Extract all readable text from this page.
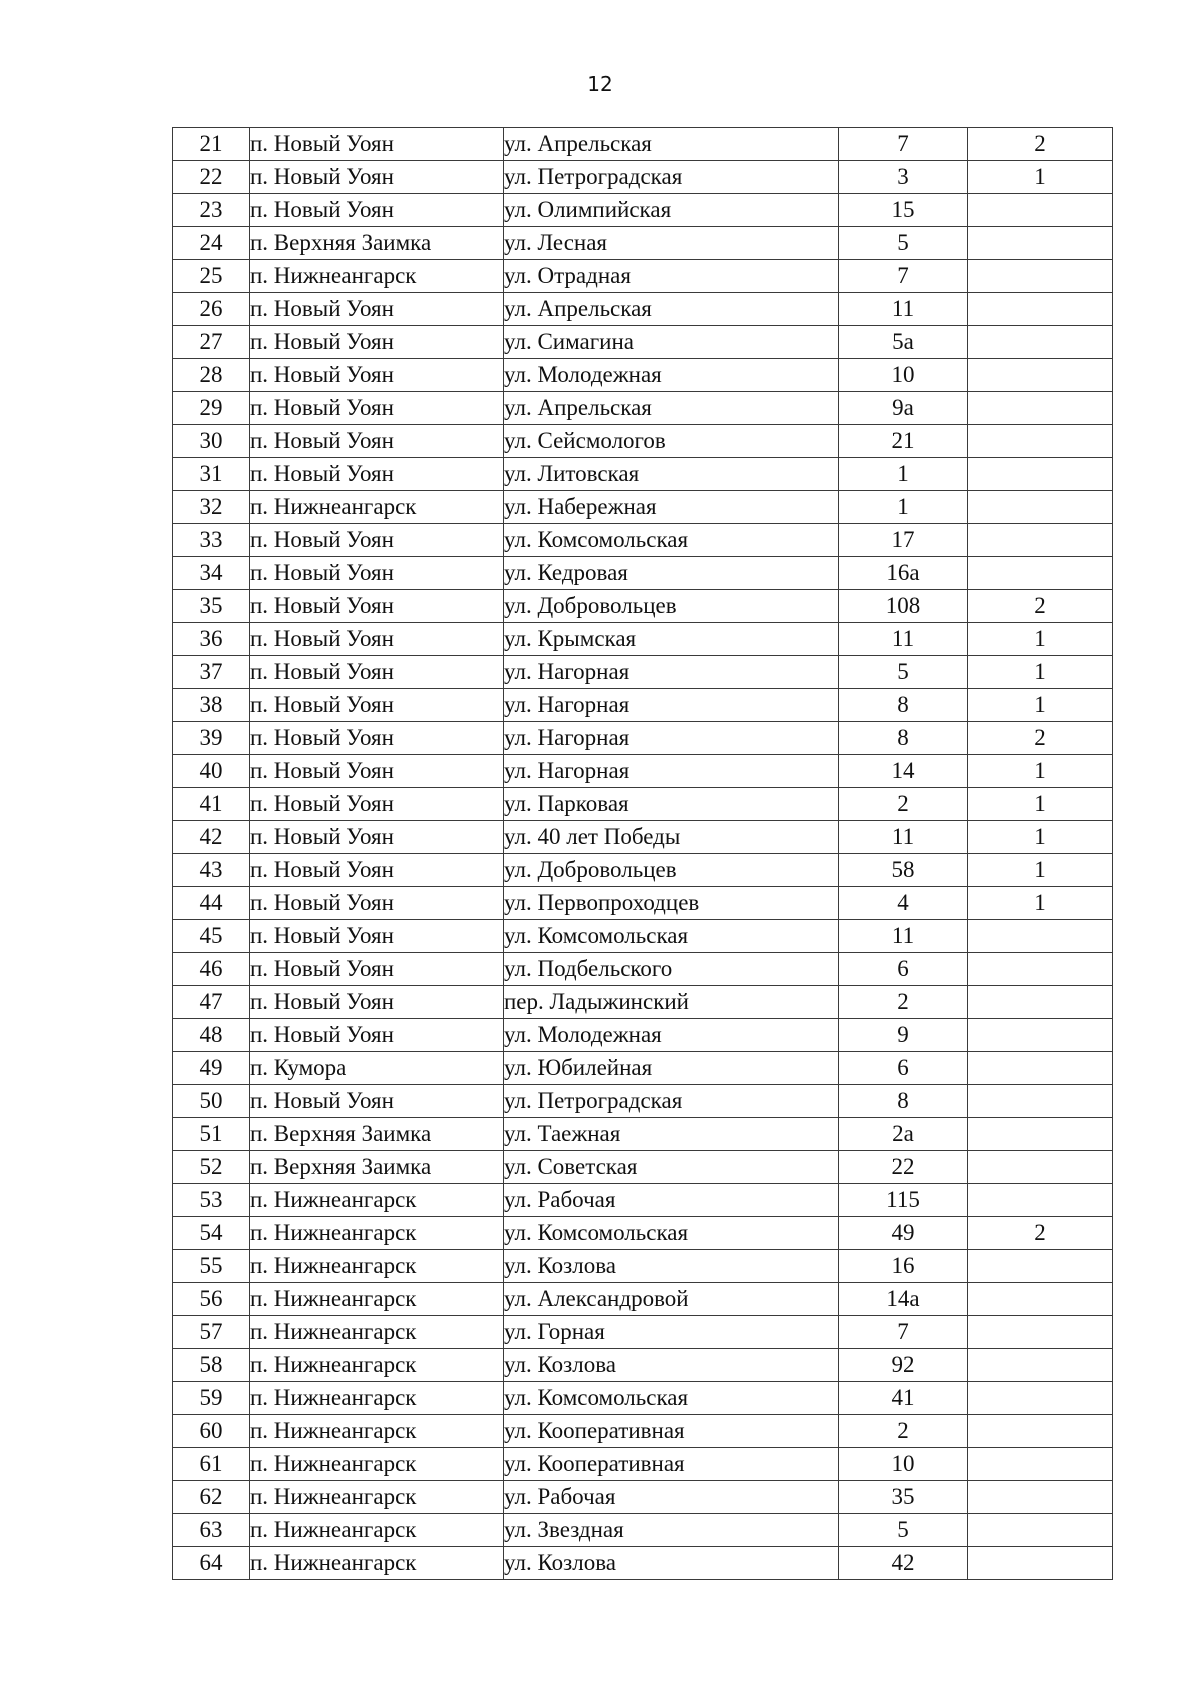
12
21	п. Новый Уоян	ул. Апрельская	7	2
22	п. Новый Уоян	ул. Петроградская	3	1
23	п. Новый Уоян	ул. Олимпийская	15	
24	п. Верхняя Заимка	ул. Лесная	5	
25	п. Нижнеангарск	ул. Отрадная	7	
26	п. Новый Уоян	ул. Апрельская	11	
27	п. Новый Уоян	ул. Симагина	5а	
28	п. Новый Уоян	ул. Молодежная	10	
29	п. Новый Уоян	ул. Апрельская	9а	
30	п. Новый Уоян	ул. Сейсмологов	21	
31	п. Новый Уоян	ул. Литовская	1	
32	п. Нижнеангарск	ул. Набережная	1	
33	п. Новый Уоян	ул. Комсомольская	17	
34	п. Новый Уоян	ул. Кедровая	16а	
35	п. Новый Уоян	ул. Добровольцев	108	2
36	п. Новый Уоян	ул. Крымская	11	1
37	п. Новый Уоян	ул. Нагорная	5	1
38	п. Новый Уоян	ул. Нагорная	8	1
39	п. Новый Уоян	ул. Нагорная	8	2
40	п. Новый Уоян	ул. Нагорная	14	1
41	п. Новый Уоян	ул. Парковая	2	1
42	п. Новый Уоян	ул. 40 лет Победы	11	1
43	п. Новый Уоян	ул. Добровольцев	58	1
44	п. Новый Уоян	ул. Первопроходцев	4	1
45	п. Новый Уоян	ул. Комсомольская	11	
46	п. Новый Уоян	ул. Подбельского	6	
47	п. Новый Уоян	пер. Ладыжинский	2	
48	п. Новый Уоян	ул. Молодежная	9	
49	п. Кумора	ул. Юбилейная	6	
50	п. Новый Уоян	ул. Петроградская	8	
51	п. Верхняя Заимка	ул. Таежная	2а	
52	п. Верхняя Заимка	ул. Советская	22	
53	п. Нижнеангарск	ул. Рабочая	115	
54	п. Нижнеангарск	ул. Комсомольская	49	2
55	п. Нижнеангарск	ул. Козлова	16	
56	п. Нижнеангарск	ул. Александровой	14а	
57	п. Нижнеангарск	ул. Горная	7	
58	п. Нижнеангарск	ул. Козлова	92	
59	п. Нижнеангарск	ул. Комсомольская	41	
60	п. Нижнеангарск	ул. Кооперативная	2	
61	п. Нижнеангарск	ул. Кооперативная	10	
62	п. Нижнеангарск	ул. Рабочая	35	
63	п. Нижнеангарск	ул. Звездная	5	
64	п. Нижнеангарск	ул. Козлова	42	
